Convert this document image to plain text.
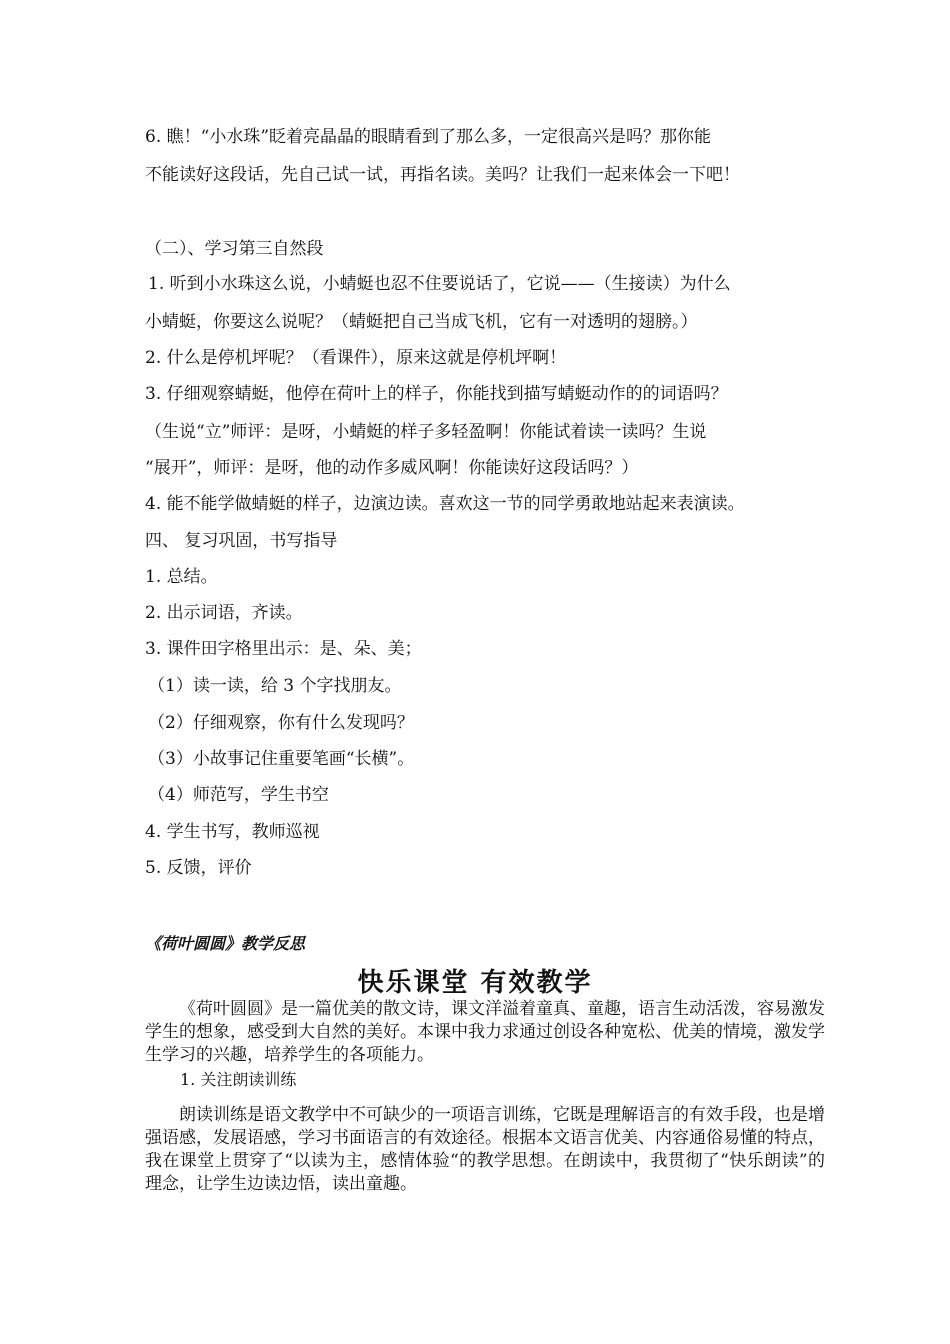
6. 瞧！“小水珠”眨着亮晶晶的眼睛看到了那么多，一定很高兴是吗？那你能
不能读好这段话，先自己试一试，再指名读。美吗？让我们一起来体会一下吧！
（二）、学习第三自然段
1. 听到小水珠这么说，小蜻蜓也忍不住要说话了，它说——（生接读）为什么
小蜻蜓，你要这么说呢？（蜻蜓把自己当成飞机，它有一对透明的翅膀。）
2. 什么是停机坪呢？（看课件），原来这就是停机坪啊！
3. 仔细观察蜻蜓，他停在荷叶上的样子，你能找到描写蜻蜓动作的的词语吗？
（生说“立”师评：是呀，小蜻蜓的样子多轻盈啊！你能试着读一读吗？生说
“展开”，师评：是呀，他的动作多威风啊！你能读好这段话吗？）
4. 能不能学做蜻蜓的样子，边演边读。喜欢这一节的同学勇敢地站起来表演读。
四、 复习巩固，书写指导
1. 总结。
2. 出示词语，齐读。
3. 课件田字格里出示：是、朵、美；
（1）读一读，给 3 个字找朋友。
（2）仔细观察，你有什么发现吗？
（3）小故事记住重要笔画“长横”。
（4）师范写，学生书空
4. 学生书写，教师巡视
5. 反馈，评价
《荷叶圆圆》教学反思
快乐课堂 有效教学
《荷叶圆圆》是一篇优美的散文诗，课文洋溢着童真、童趣，语言生动活泼，容易激发学生的想象，感受到大自然的美好。本课中我力求通过创设各种宽松、优美的情境，激发学生学习的兴趣，培养学生的各项能力。
1. 关注朗读训练
朗读训练是语文教学中不可缺少的一项语言训练，它既是理解语言的有效手段，也是增强语感，发展语感，学习书面语言的有效途径。根据本文语言优美、内容通俗易懂的特点，我在课堂上贯穿了“以读为主，感情体验“的教学思想。在朗读中，我贯彻了“快乐朗读”的理念，让学生边读边悟，读出童趣。
